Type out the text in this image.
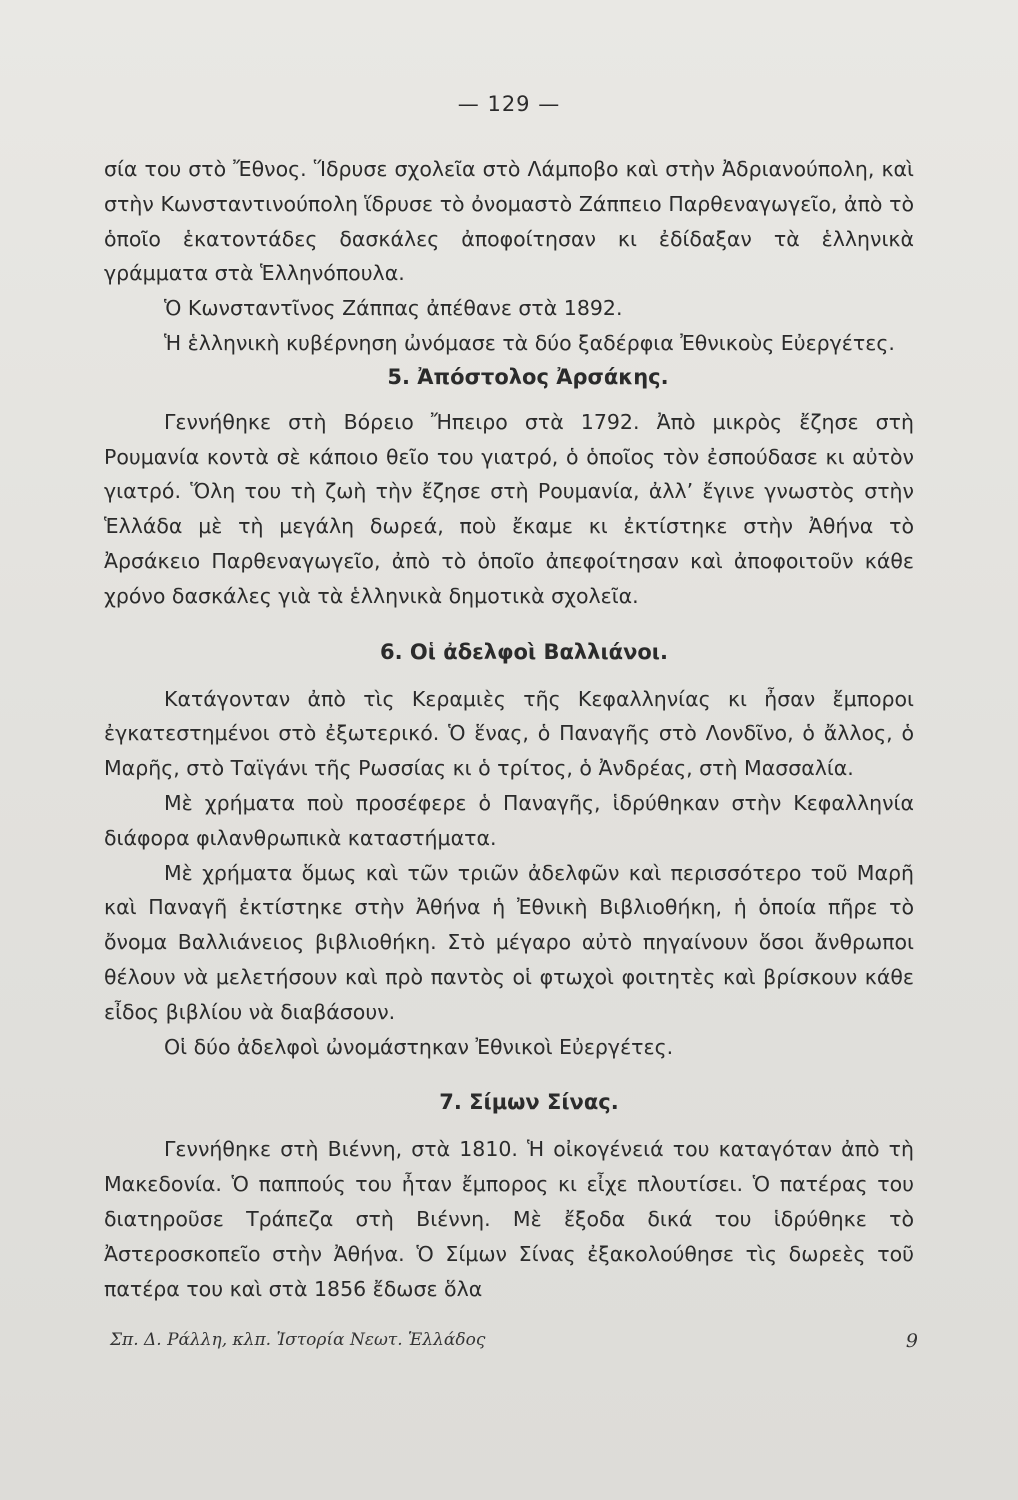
— 129 —

σία του στὸ Ἔθνος. Ἵδρυσε σχολεῖα στὸ Λάμποβο καὶ στὴν Ἀδριανούπολη, καὶ στὴν Κωνσταντινούπολη ἵδρυσε τὸ ὀνομαστὸ Ζάππειο Παρθεναγωγεῖο, ἀπὸ τὸ ὁποῖο ἑκατοντάδες δασκάλες ἀποφοίτησαν κι ἐδίδαξαν τὰ ἑλληνικὰ γράμματα στὰ Ἑλληνόπουλα.

Ὁ Κωνσταντῖνος Ζάππας ἀπέθανε στὰ 1892.

Ἡ ἑλληνικὴ κυβέρνηση ὠνόμασε τὰ δύο ξαδέρφια Ἐθνικοὺς Εὐεργέτες.

5. Ἀπόστολος Ἀρσάκης.

Γεννήθηκε στὴ Βόρειο Ἤπειρο στὰ 1792. Ἀπὸ μικρὸς ἔζησε στὴ Ρουμανία κοντὰ σὲ κάποιο θεῖο του γιατρό, ὁ ὁποῖος τὸν ἐσπούδασε κι αὐτὸν γιατρό. Ὅλη του τὴ ζωὴ τὴν ἔζησε στὴ Ρουμανία, ἀλλ’ ἔγινε γνωστὸς στὴν Ἑλλάδα μὲ τὴ μεγάλη δωρεά, ποὺ ἔκαμε κι ἐκτίστηκε στὴν Ἀθήνα τὸ Ἀρσάκειο Παρθεναγωγεῖο, ἀπὸ τὸ ὁποῖο ἀπεφοίτησαν καὶ ἀποφοιτοῦν κάθε χρόνο δασκάλες γιὰ τὰ ἑλληνικὰ δημοτικὰ σχολεῖα.

6. Οἱ ἀδελφοὶ Βαλλιάνοι.

Κατάγονταν ἀπὸ τὶς Κεραμιὲς τῆς Κεφαλληνίας κι ἦσαν ἔμποροι ἐγκατεστημένοι στὸ ἐξωτερικό. Ὁ ἕνας, ὁ Παναγῆς στὸ Λονδῖνο, ὁ ἄλλος, ὁ Μαρῆς, στὸ Ταϊγάνι τῆς Ρωσσίας κι ὁ τρίτος, ὁ Ἀνδρέας, στὴ Μασσαλία.

Μὲ χρήματα ποὺ προσέφερε ὁ Παναγῆς, ἱδρύθηκαν στὴν Κεφαλληνία διάφορα φιλανθρωπικὰ καταστήματα.

Μὲ χρήματα ὅμως καὶ τῶν τριῶν ἀδελφῶν καὶ περισσότερο τοῦ Μαρῆ καὶ Παναγῆ ἐκτίστηκε στὴν Ἀθήνα ἡ Ἐθνικὴ Βιβλιοθήκη, ἡ ὁποία πῆρε τὸ ὄνομα Βαλλιάνειος βιβλιοθήκη. Στὸ μέγαρο αὐτὸ πηγαίνουν ὅσοι ἄνθρωποι θέλουν νὰ μελετήσουν καὶ πρὸ παντὸς οἱ φτωχοὶ φοιτητὲς καὶ βρίσκουν κάθε εἶδος βιβλίου νὰ διαβάσουν.

Οἱ δύο ἀδελφοὶ ὠνομάστηκαν Ἐθνικοὶ Εὐεργέτες.

7. Σίμων Σίνας.

Γεννήθηκε στὴ Βιέννη, στὰ 1810. Ἡ οἰκογένειά του καταγόταν ἀπὸ τὴ Μακεδονία. Ὁ παππούς του ἦταν ἔμπορος κι εἶχε πλουτίσει. Ὁ πατέρας του διατηροῦσε Τράπεζα στὴ Βιέννη. Μὲ ἔξοδα δικά του ἱδρύθηκε τὸ Ἀστεροσκοπεῖο στὴν Ἀθήνα. Ὁ Σίμων Σίνας ἐξακολούθησε τὶς δωρεὲς τοῦ πατέρα του καὶ στὰ 1856 ἔδωσε ὅλα

Σπ. Δ. Ράλλη, κλπ. Ἱστορία Νεωτ. Ἑλλάδος	9
